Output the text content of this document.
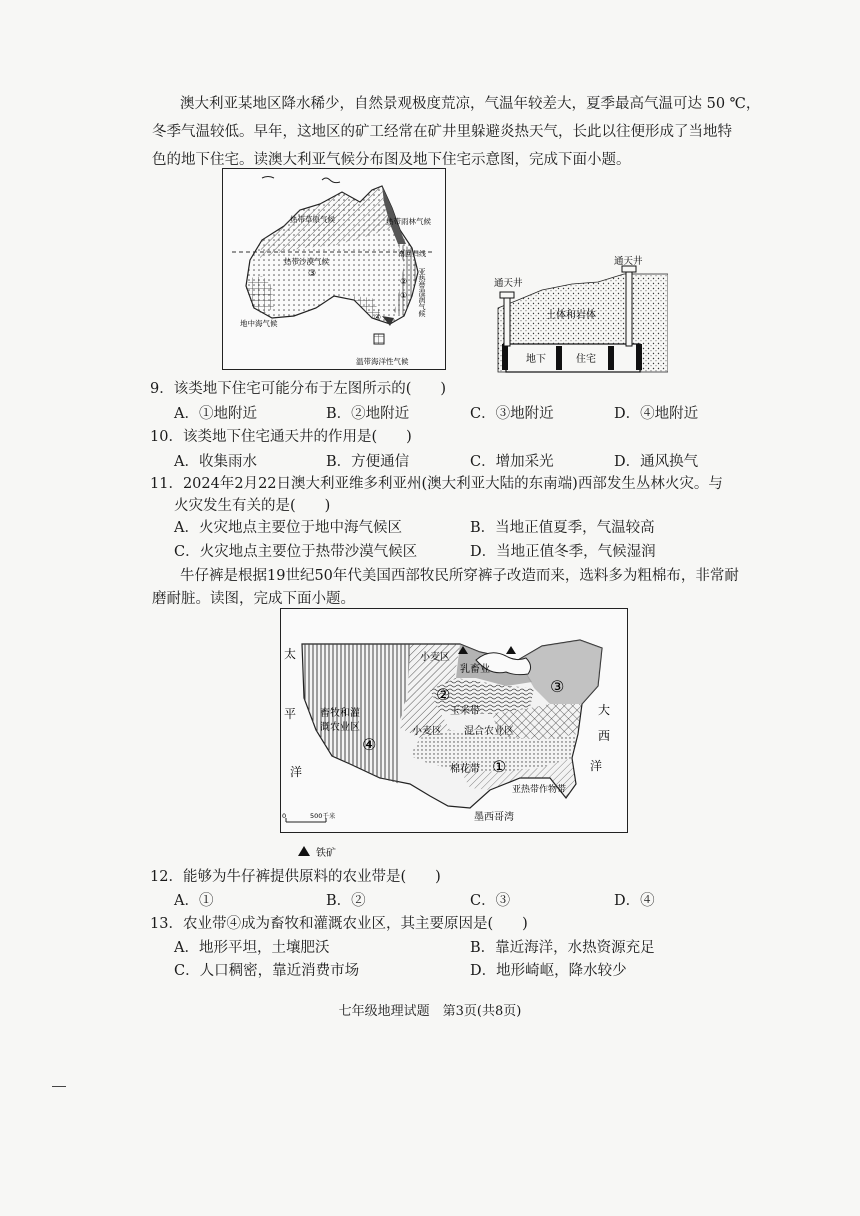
澳大利亚某地区降水稀少，自然景观极度荒凉，气温年较差大，夏季最高气温可达 50 ℃，
冬季气温较低。早年，这地区的矿工经常在矿井里躲避炎热天气，长此以往便形成了当地特
色的地下住宅。读澳大利亚气候分布图及地下住宅示意图，完成下面小题。
热带草原气候	热带雨林气候
热带沙漠气候
③
南回归线
亚热带湿润气候
地中海气候
温带海洋性气候
①
②
④
通天井
通天井
土体和岩体
地下	住宅
9．该类地下住宅可能分布于左图所示的(　　)
A．①地附近	B．②地附近	C．③地附近	D．④地附近
10．该类地下住宅通天井的作用是(　　)
A．收集雨水	B．方便通信	C．增加采光	D．通风换气
11．2024年2月22日澳大利亚维多利亚州(澳大利亚大陆的东南端)西部发生丛林火灾。与
火灾发生有关的是(　　)
A．火灾地点主要位于地中海气候区	B．当地正值夏季，气温较高
C．火灾地点主要位于热带沙漠气候区	D．当地正值冬季，气候湿润
牛仔裤是根据19世纪50年代美国西部牧民所穿裤子改造而来，选料多为粗棉布，非常耐
磨耐脏。读图，完成下面小题。
0	500千米
太
平
洋
大
西
洋
小麦区
乳畜业
②	③
畜牧和灌
溉农业区
④
玉米带
小麦区 混合农业区
棉花带 ①
亚热带作物带
墨西哥湾
铁矿
12．能够为牛仔裤提供原料的农业带是(　　)
A．①	B．②	C．③	D．④
13．农业带④成为畜牧和灌溉农业区，其主要原因是(　　)
A．地形平坦，土壤肥沃	B．靠近海洋，水热资源充足
C．人口稠密，靠近消费市场	D．地形崎岖，降水较少
七年级地理试题　第3页(共8页)
